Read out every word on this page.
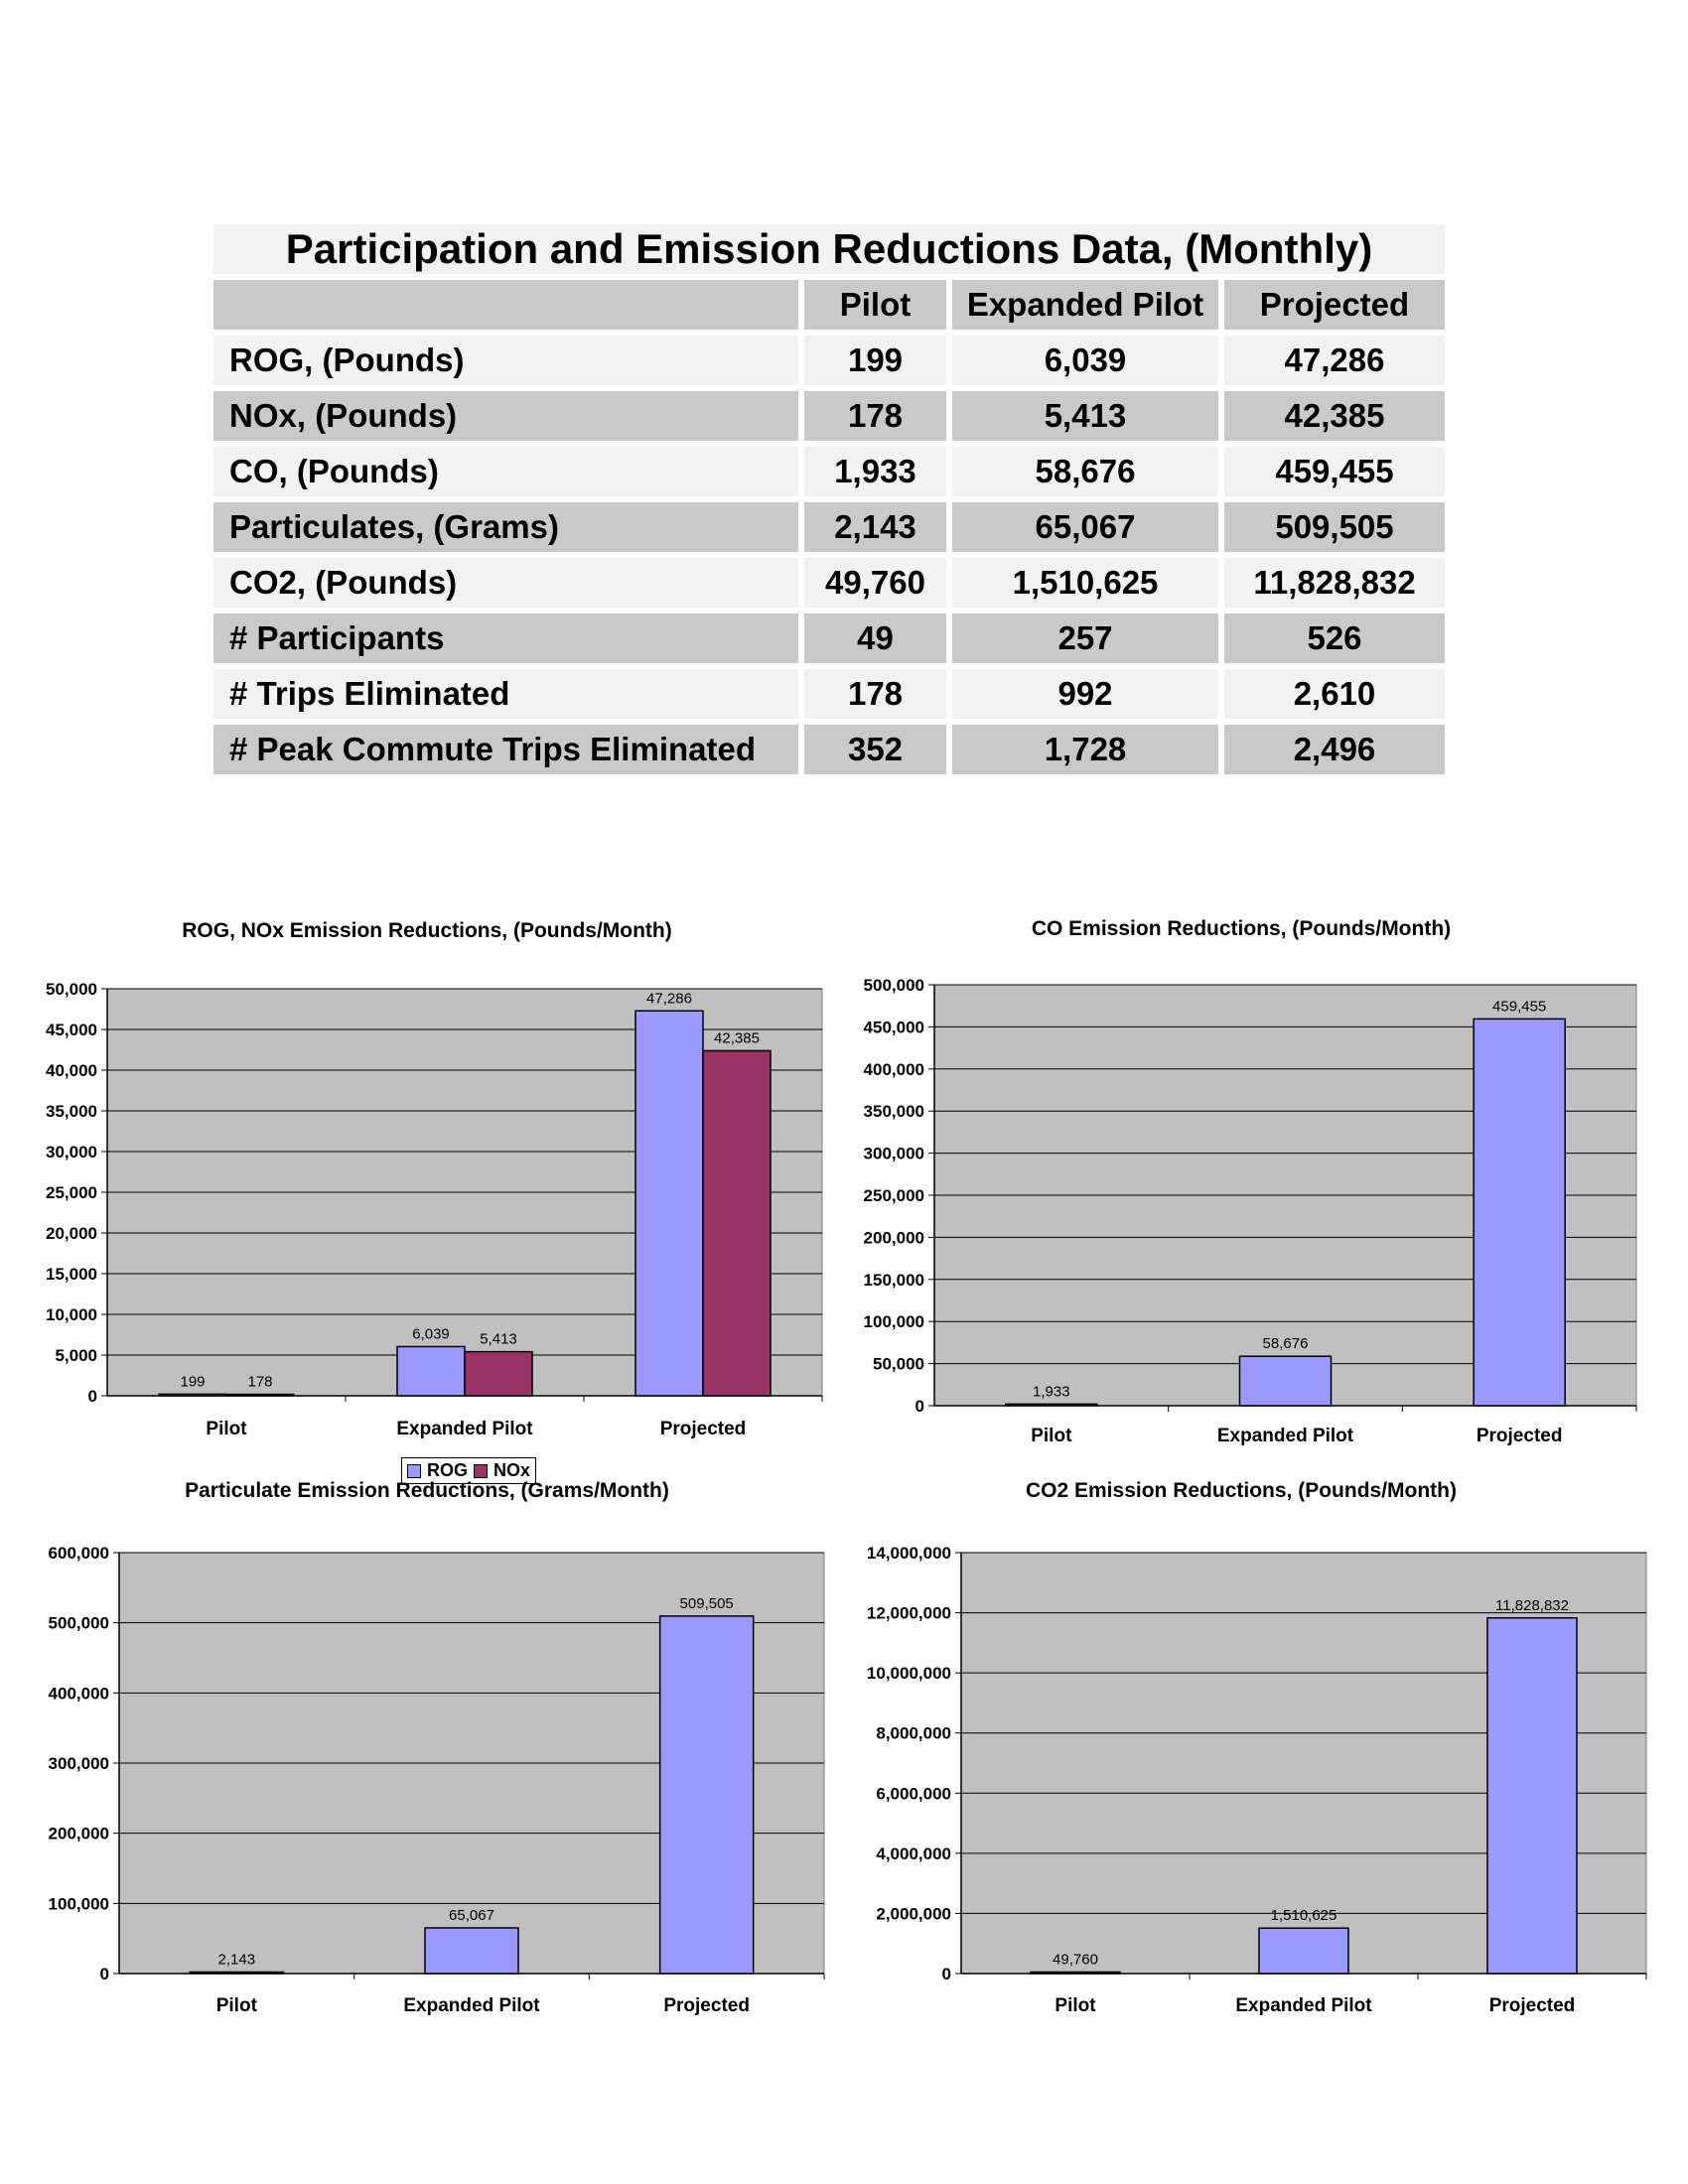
Participation and Emission Reductions Data, (Monthly)
Pilot	Expanded Pilot	Projected
ROG, (Pounds)	199	6,039	47,286
NOx, (Pounds)	178	5,413	42,385
CO, (Pounds)	1,933	58,676	459,455
Particulates, (Grams)	2,143	65,067	509,505
CO2, (Pounds)	49,760	1,510,625	11,828,832
# Participants	49	257	526
# Trips Eliminated	178	992	2,610
# Peak Commute Trips Eliminated	352	1,728	2,496
ROG, NOx Emission Reductions, (Pounds/Month)
0
5,000
10,000
15,000
20,000
25,000
30,000
35,000
40,000
45,000
50,000
Pilot
199	178
Expanded Pilot
6,039 5,413
Projected
47,286
42,385
ROG NOx
CO Emission Reductions, (Pounds/Month)
0
50,000
100,000
150,000
200,000
250,000
300,000
350,000
400,000
450,000
500,000
Pilot
1,933
Expanded Pilot
58,676
Projected
459,455
Particulate Emission Reductions, (Grams/Month)
0
100,000
200,000
300,000
400,000
500,000
600,000
Pilot
2,143
Expanded Pilot
65,067
Projected
509,505
CO2 Emission Reductions, (Pounds/Month)
0
2,000,000
4,000,000
6,000,000
8,000,000
10,000,000
12,000,000
14,000,000
Pilot
49,760
Expanded Pilot
1,510,625
Projected
11,828,832
